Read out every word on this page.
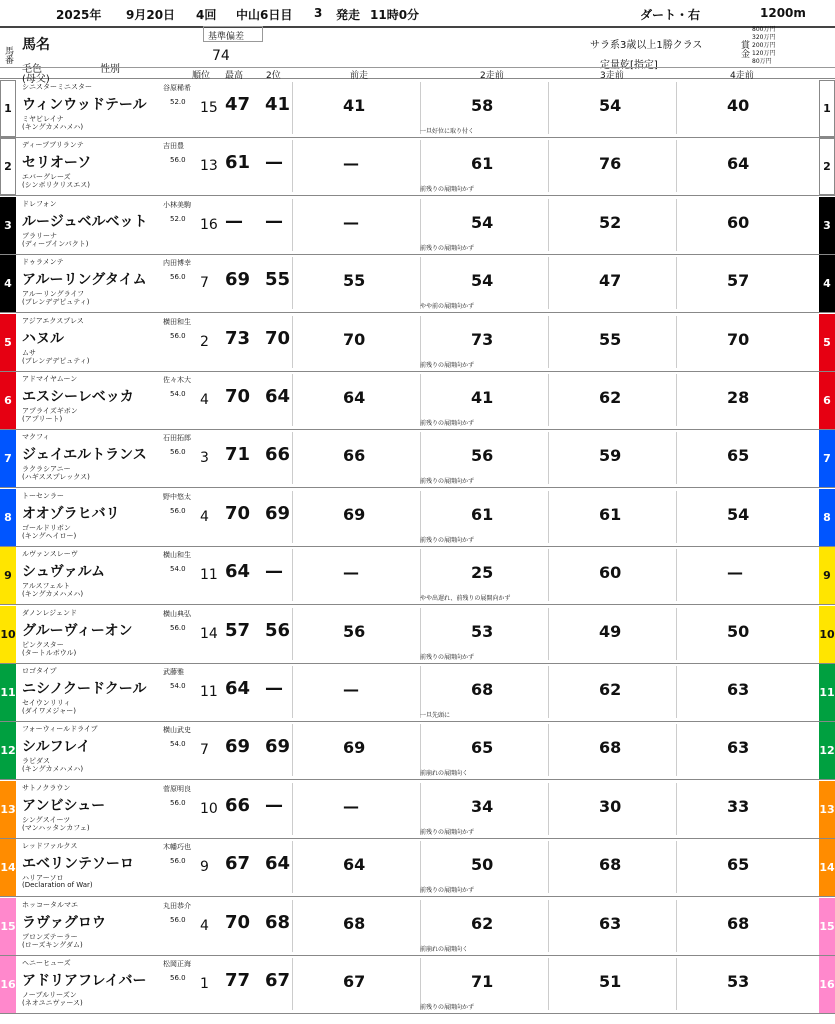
2025年 9月20日 4回 中山6日目 3 発走 11時0分	ダート・右	1200m
馬番
馬名
毛色	性別
(母父)
基準偏差
74
サラ系3歳以上1勝クラス
定量乾[指定]
賞金
800万円
320万円
200万円
120万円
80万円
順位 最高	2位	前走	2走前	3走前	4走前
1
シニスターミニスター
ウィンウッドテール
ミヤビレイナ
(キングカメハメハ)
谷原稀希
52.0 15 47 41	41	58	54	40
一旦好位に取り付く
1
2
ディープブリランテ
セリオーソ
エバーグレーズ
(シンボリクリスエス)
吉田豊
56.0 13 61 —	—	61	76	64
前残りの展開向かず
2
3
ドレフォン
ルージュベルベット
ブラリーナ
(ディープインパクト)
小林美駒
52.0 16 — —	—	54	52	60
前残りの展開向かず
3
4
ドゥラメンテ
アルーリングタイム
アルーリングライフ
(ブレンデデピュティ)
内田博幸
56.0 7 69 55	55	54	47	57
やや前の展開向かず
4
5
アジアエクスプレス
ハヌル
ムサ
(ブレンデデピュティ)
横田和生
56.0 2 73 70	70	73	55	70
前残りの展開向かず
5
6
アドマイヤムーン
エスシーレベッカ
アプライズギボン
(アプリート)
佐々木大
54.0 4 70 64	64	41	62	28
前残りの展開向かず
6
7
マクフィ
ジェイエルトランス
ラクラシアニー
(ハギススプレックス)
石田拓郎
56.0 3 71 66	66	56	59	65
前残りの展開向かず
7
8
トーセンラー
オオゾラヒバリ
ゴールドリボン
(キングヘイロー)
野中悠太
56.0 4 70 69	69	61	61	54
前残りの展開向かず
8
9
ルヴァンスレーヴ
シュヴァルム
アルスフェルト
(キングカメハメハ)
横山和生
54.0 11 64 —	—	25	60	—
やや出遅れ、前残りの展開向かず
9
10
ダノンレジェンド
グルーヴィーオン
ピンクスター
(タートルボウル)
横山典弘
56.0 14 57 56	56	53	49	50
前残りの展開向かず
10
11
ロゴタイプ
ニシノクードクール
セイウンリリィ
(ダイワメジャー)
武藤雅
54.0 11 64 —	—	68	62	63
一旦先頭に
11
12
フォーウィールドライブ
シルフレイ
ラピダス
(キングカメハメハ)
横山武史
54.0 7 69 69	69	65	68	63
前崩れの展開向く
12
13
サトノクラウン
アンビシュー
シングスイーツ
(マンハッタンカフェ)
菅原明良
56.0 10 66 —	—	34	30	33
前残りの展開向かず
13
14
レッドファルクス
エベリンテソーロ
ハリアーソロ
(Declaration of War)
木幡巧也
56.0 9 67 64	64	50	68	65
前残りの展開向かず
14
15
ホッコータルマエ
ラヴァグロウ
ブロンズテーラー
(ローズキングダム)
丸田恭介
56.0 4 70 68	68	62	63	68
前崩れの展開向く
15
16
ヘニーヒューズ
アドリアフレイバー
ノーブルリーズン
(ネオユニヴァース)
松岡正海
56.0 1 77 67	67	71	51	53
前残りの展開向かず
16
